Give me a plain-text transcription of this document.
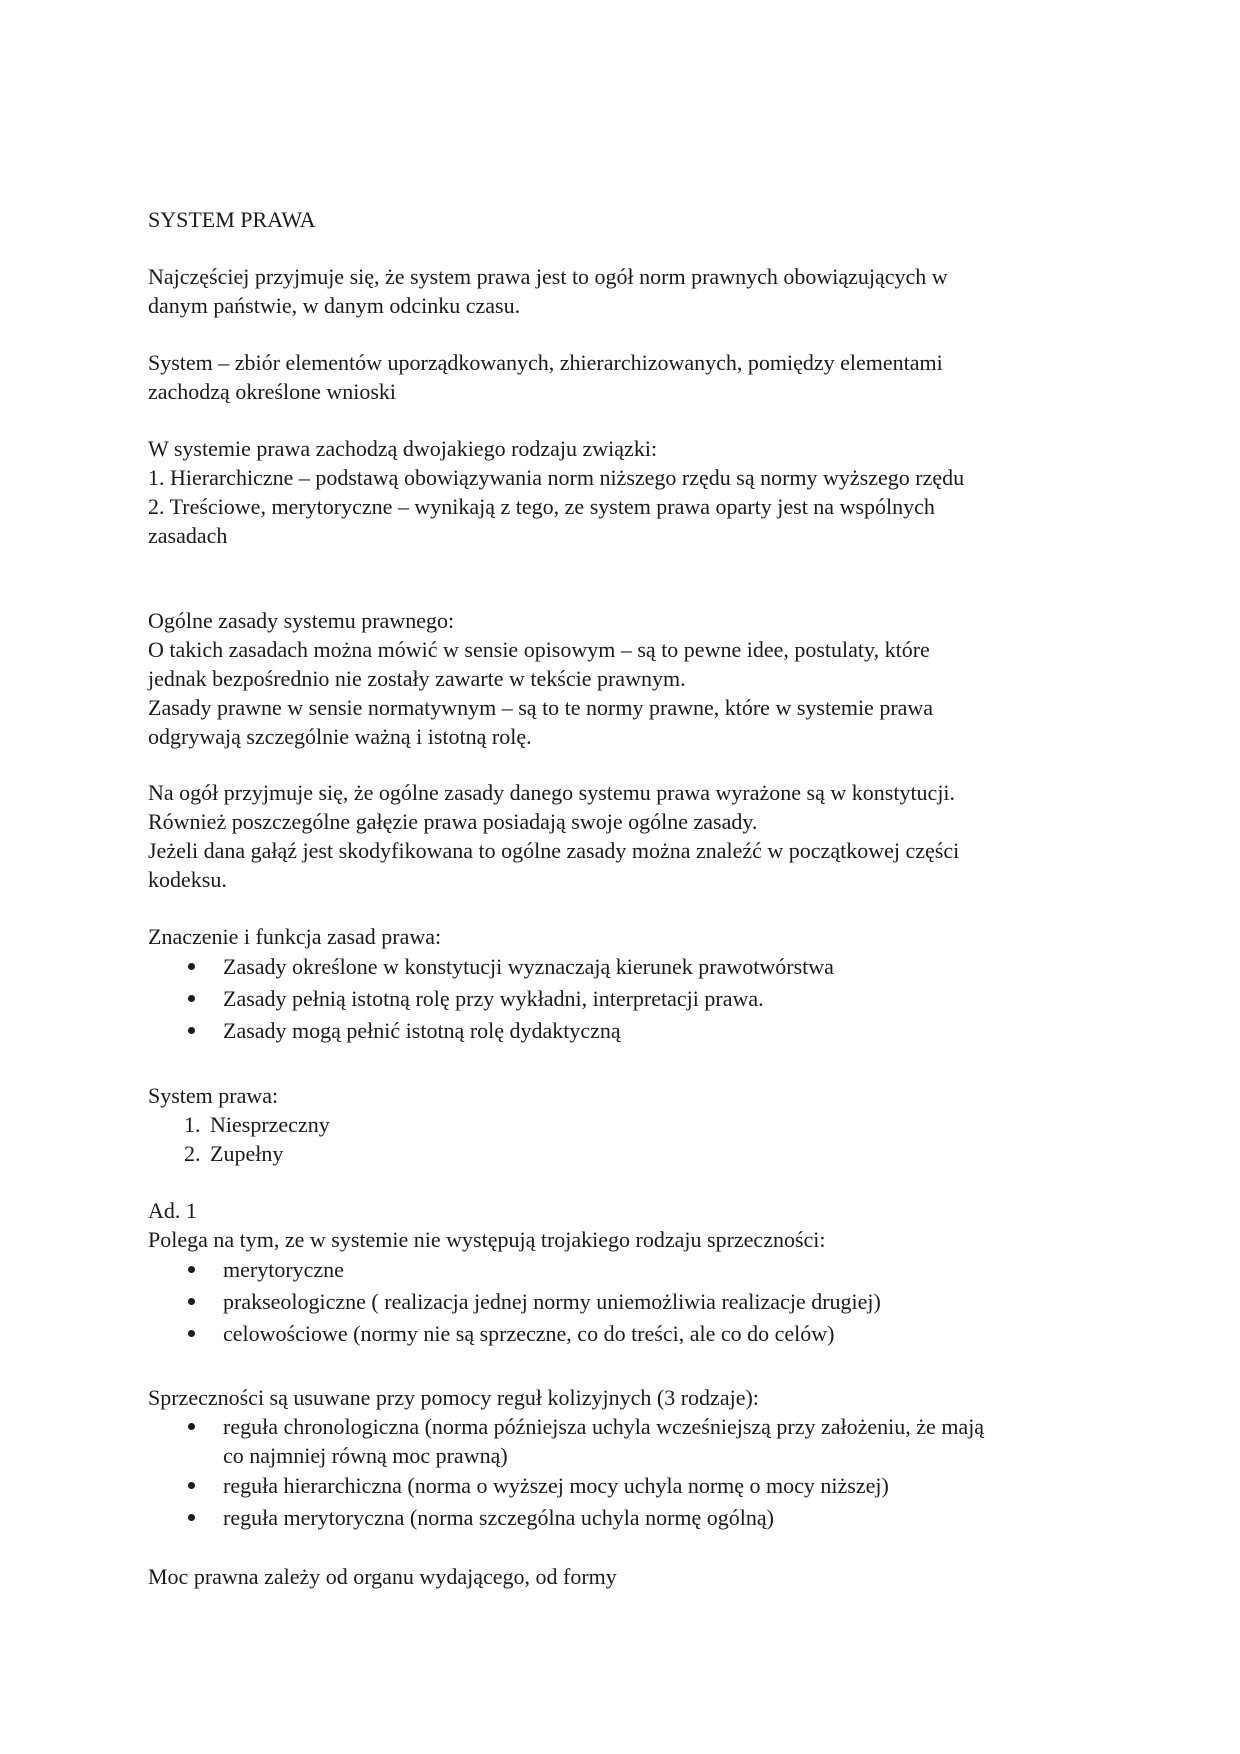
SYSTEM PRAWA
Najczęściej przyjmuje się, że system prawa jest to ogół norm prawnych obowiązujących w
danym państwie, w danym odcinku czasu.
System – zbiór elementów uporządkowanych, zhierarchizowanych, pomiędzy elementami
zachodzą określone wnioski
W systemie prawa zachodzą dwojakiego rodzaju związki:
1. Hierarchiczne – podstawą obowiązywania norm niższego rzędu są normy wyższego rzędu
2. Treściowe, merytoryczne – wynikają z tego, ze system prawa oparty jest na wspólnych
zasadach
Ogólne zasady systemu prawnego:
O takich zasadach można mówić w sensie opisowym – są to pewne idee, postulaty, które
jednak bezpośrednio nie zostały zawarte w tekście prawnym.
Zasady prawne w sensie normatywnym – są to te normy prawne, które w systemie prawa
odgrywają szczególnie ważną i istotną rolę.
Na ogół przyjmuje się, że ogólne zasady danego systemu prawa wyrażone są w konstytucji.
Również poszczególne gałęzie prawa posiadają swoje ogólne zasady.
Jeżeli dana gałąź jest skodyfikowana to ogólne zasady można znaleźć w początkowej części
kodeksu.
Znaczenie i funkcja zasad prawa:
Zasady określone w konstytucji wyznaczają kierunek prawotwórstwa
Zasady pełnią istotną rolę przy wykładni, interpretacji prawa.
Zasady mogą pełnić istotną rolę dydaktyczną
System prawa:
1. Niesprzeczny
2. Zupełny
Ad. 1
Polega na tym, ze w systemie nie występują trojakiego rodzaju sprzeczności:
merytoryczne
prakseologiczne ( realizacja jednej normy uniemożliwia realizacje drugiej)
celowościowe (normy nie są sprzeczne, co do treści, ale co do celów)
Sprzeczności są usuwane przy pomocy reguł kolizyjnych (3 rodzaje):
reguła chronologiczna (norma późniejsza uchyla wcześniejszą przy założeniu, że mają
co najmniej równą moc prawną)
reguła hierarchiczna (norma o wyższej mocy uchyla normę o mocy niższej)
reguła merytoryczna (norma szczególna uchyla normę ogólną)
Moc prawna zależy od organu wydającego, od formy
